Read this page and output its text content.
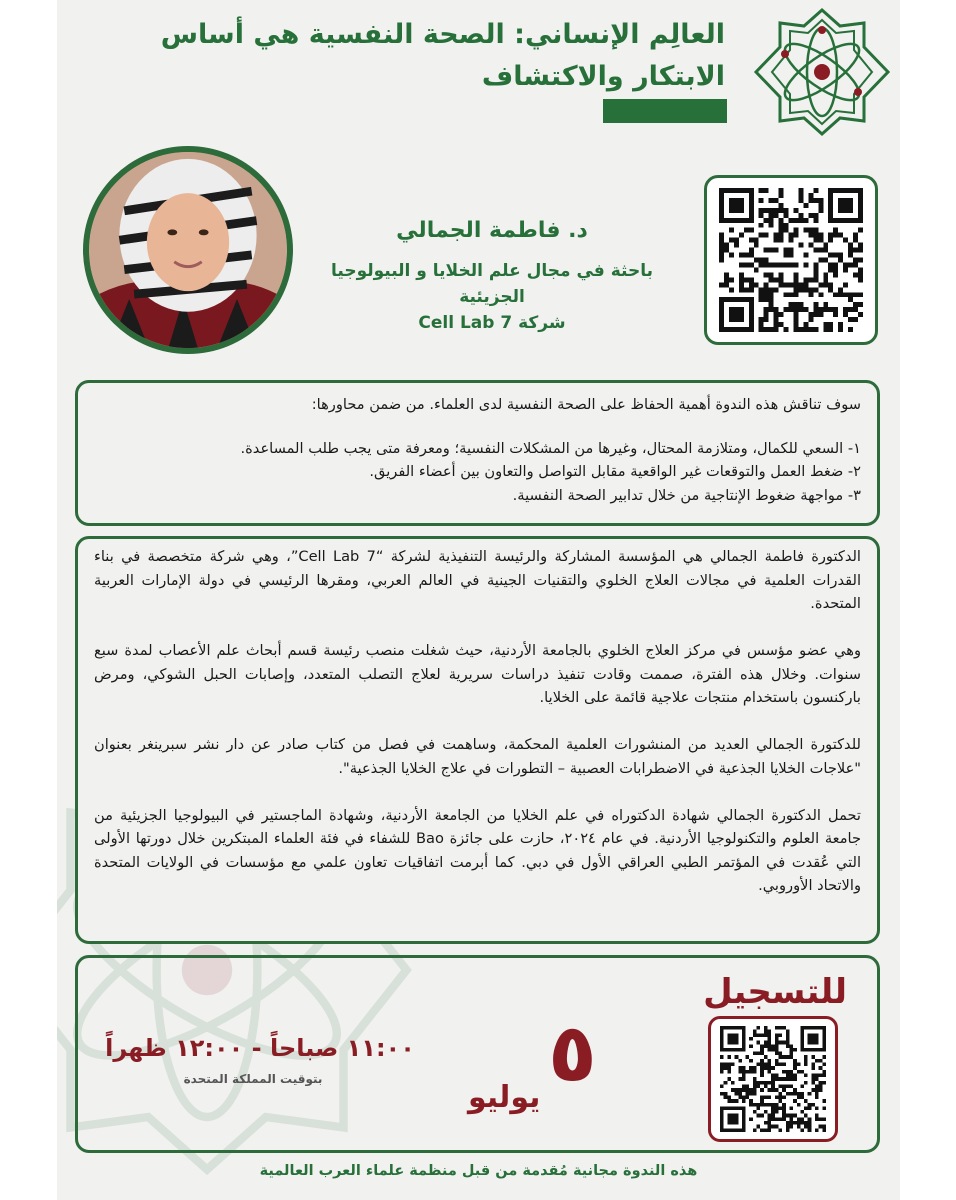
العالِم الإنساني: الصحة النفسية هي أساس الابتكار والاكتشاف
د. فاطمة الجمالي
باحثة في مجال علم الخلايا و البيولوجيا الجزيئية
شركة Cell Lab 7

سوف تناقش هذه الندوة أهمية الحفاظ على الصحة النفسية لدى العلماء. من ضمن محاورها:

١- السعي للكمال، ومتلازمة المحتال، وغيرها من المشكلات النفسية؛ ومعرفة متى يجب طلب المساعدة.

٢- ضغط العمل والتوقعات غير الواقعية مقابل التواصل والتعاون بين أعضاء الفريق.

٣- مواجهة ضغوط الإنتاجية من خلال تدابير الصحة النفسية.

الدكتورة فاطمة الجمالي هي المؤسسة المشاركة والرئيسة التنفيذية لشركة “Cell Lab 7”، وهي شركة متخصصة في بناء القدرات العلمية في مجالات العلاج الخلوي والتقنيات الجينية في العالم العربي، ومقرها الرئيسي في دولة الإمارات العربية المتحدة.

وهي عضو مؤسس في مركز العلاج الخلوي بالجامعة الأردنية، حيث شغلت منصب رئيسة قسم أبحاث علم الأعصاب لمدة سبع سنوات. وخلال هذه الفترة، صممت وقادت تنفيذ دراسات سريرية لعلاج التصلب المتعدد، وإصابات الحبل الشوكي، ومرض باركنسون باستخدام منتجات علاجية قائمة على الخلايا.

للدكتورة الجمالي العديد من المنشورات العلمية المحكمة، وساهمت في فصل من كتاب صادر عن دار نشر سبرينغر بعنوان "علاجات الخلايا الجذعية في الاضطرابات العصبية – التطورات في علاج الخلايا الجذعية".

تحمل الدكتورة الجمالي شهادة الدكتوراه في علم الخلايا من الجامعة الأردنية، وشهادة الماجستير في البيولوجيا الجزيئية من جامعة العلوم والتكنولوجيا الأردنية. في عام ٢٠٢٤، حازت على جائزة Bao للشفاء في فئة العلماء المبتكرين خلال دورتها الأولى التي عُقدت في المؤتمر الطبي العراقي الأول في دبي. كما أبرمت اتفاقيات تعاون علمي مع مؤسسات في الولايات المتحدة والاتحاد الأوروبي.

للتسجيل
٥
يوليو
١١:٠٠ صباحاً - ١٢:٠٠ ظهراً
بتوقيت المملكة المتحدة
هذه الندوة مجانية مُقدمة من قبل منظمة علماء العرب العالمية
